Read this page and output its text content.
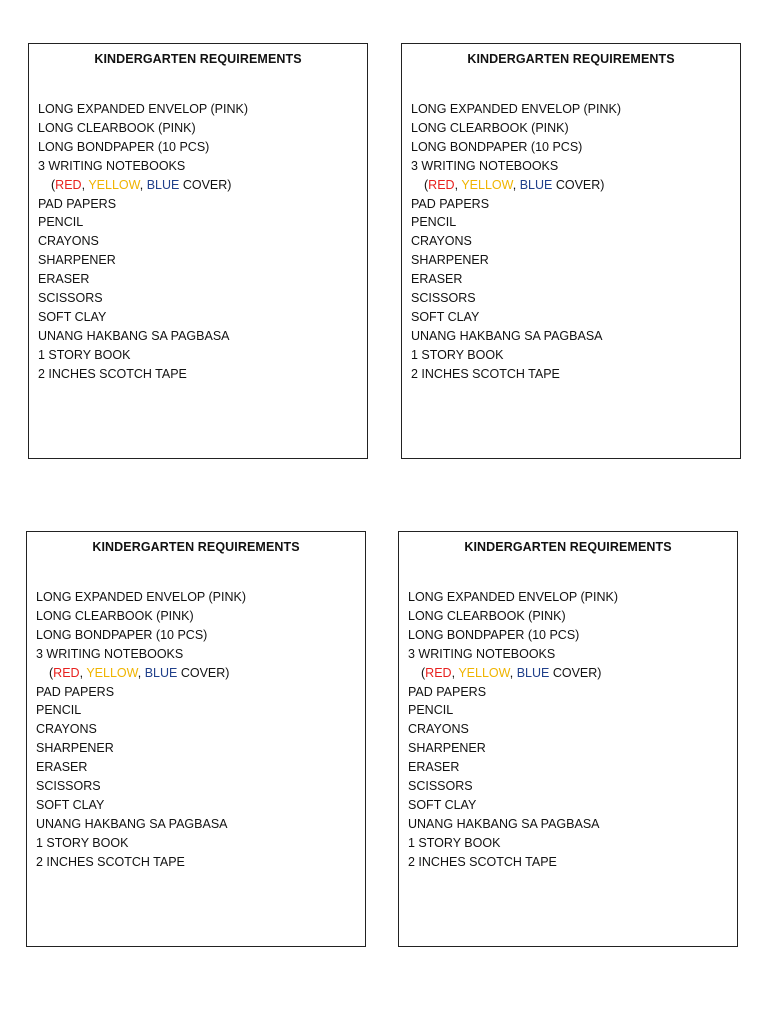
KINDERGARTEN REQUIREMENTS
LONG EXPANDED ENVELOP (PINK)
LONG CLEARBOOK (PINK)
LONG BONDPAPER (10 PCS)
3 WRITING NOTEBOOKS
(RED, YELLOW, BLUE COVER)
PAD PAPERS
PENCIL
CRAYONS
SHARPENER
ERASER
SCISSORS
SOFT CLAY
UNANG HAKBANG SA PAGBASA
1 STORY BOOK
2 INCHES SCOTCH TAPE
KINDERGARTEN REQUIREMENTS
LONG EXPANDED ENVELOP (PINK)
LONG CLEARBOOK (PINK)
LONG BONDPAPER (10 PCS)
3 WRITING NOTEBOOKS
(RED, YELLOW, BLUE COVER)
PAD PAPERS
PENCIL
CRAYONS
SHARPENER
ERASER
SCISSORS
SOFT CLAY
UNANG HAKBANG SA PAGBASA
1 STORY BOOK
2 INCHES SCOTCH TAPE
KINDERGARTEN REQUIREMENTS
LONG EXPANDED ENVELOP (PINK)
LONG CLEARBOOK (PINK)
LONG BONDPAPER (10 PCS)
3 WRITING NOTEBOOKS
(RED, YELLOW, BLUE COVER)
PAD PAPERS
PENCIL
CRAYONS
SHARPENER
ERASER
SCISSORS
SOFT CLAY
UNANG HAKBANG SA PAGBASA
1 STORY BOOK
2 INCHES SCOTCH TAPE
KINDERGARTEN REQUIREMENTS
LONG EXPANDED ENVELOP (PINK)
LONG CLEARBOOK (PINK)
LONG BONDPAPER (10 PCS)
3 WRITING NOTEBOOKS
(RED, YELLOW, BLUE COVER)
PAD PAPERS
PENCIL
CRAYONS
SHARPENER
ERASER
SCISSORS
SOFT CLAY
UNANG HAKBANG SA PAGBASA
1 STORY BOOK
2 INCHES SCOTCH TAPE
